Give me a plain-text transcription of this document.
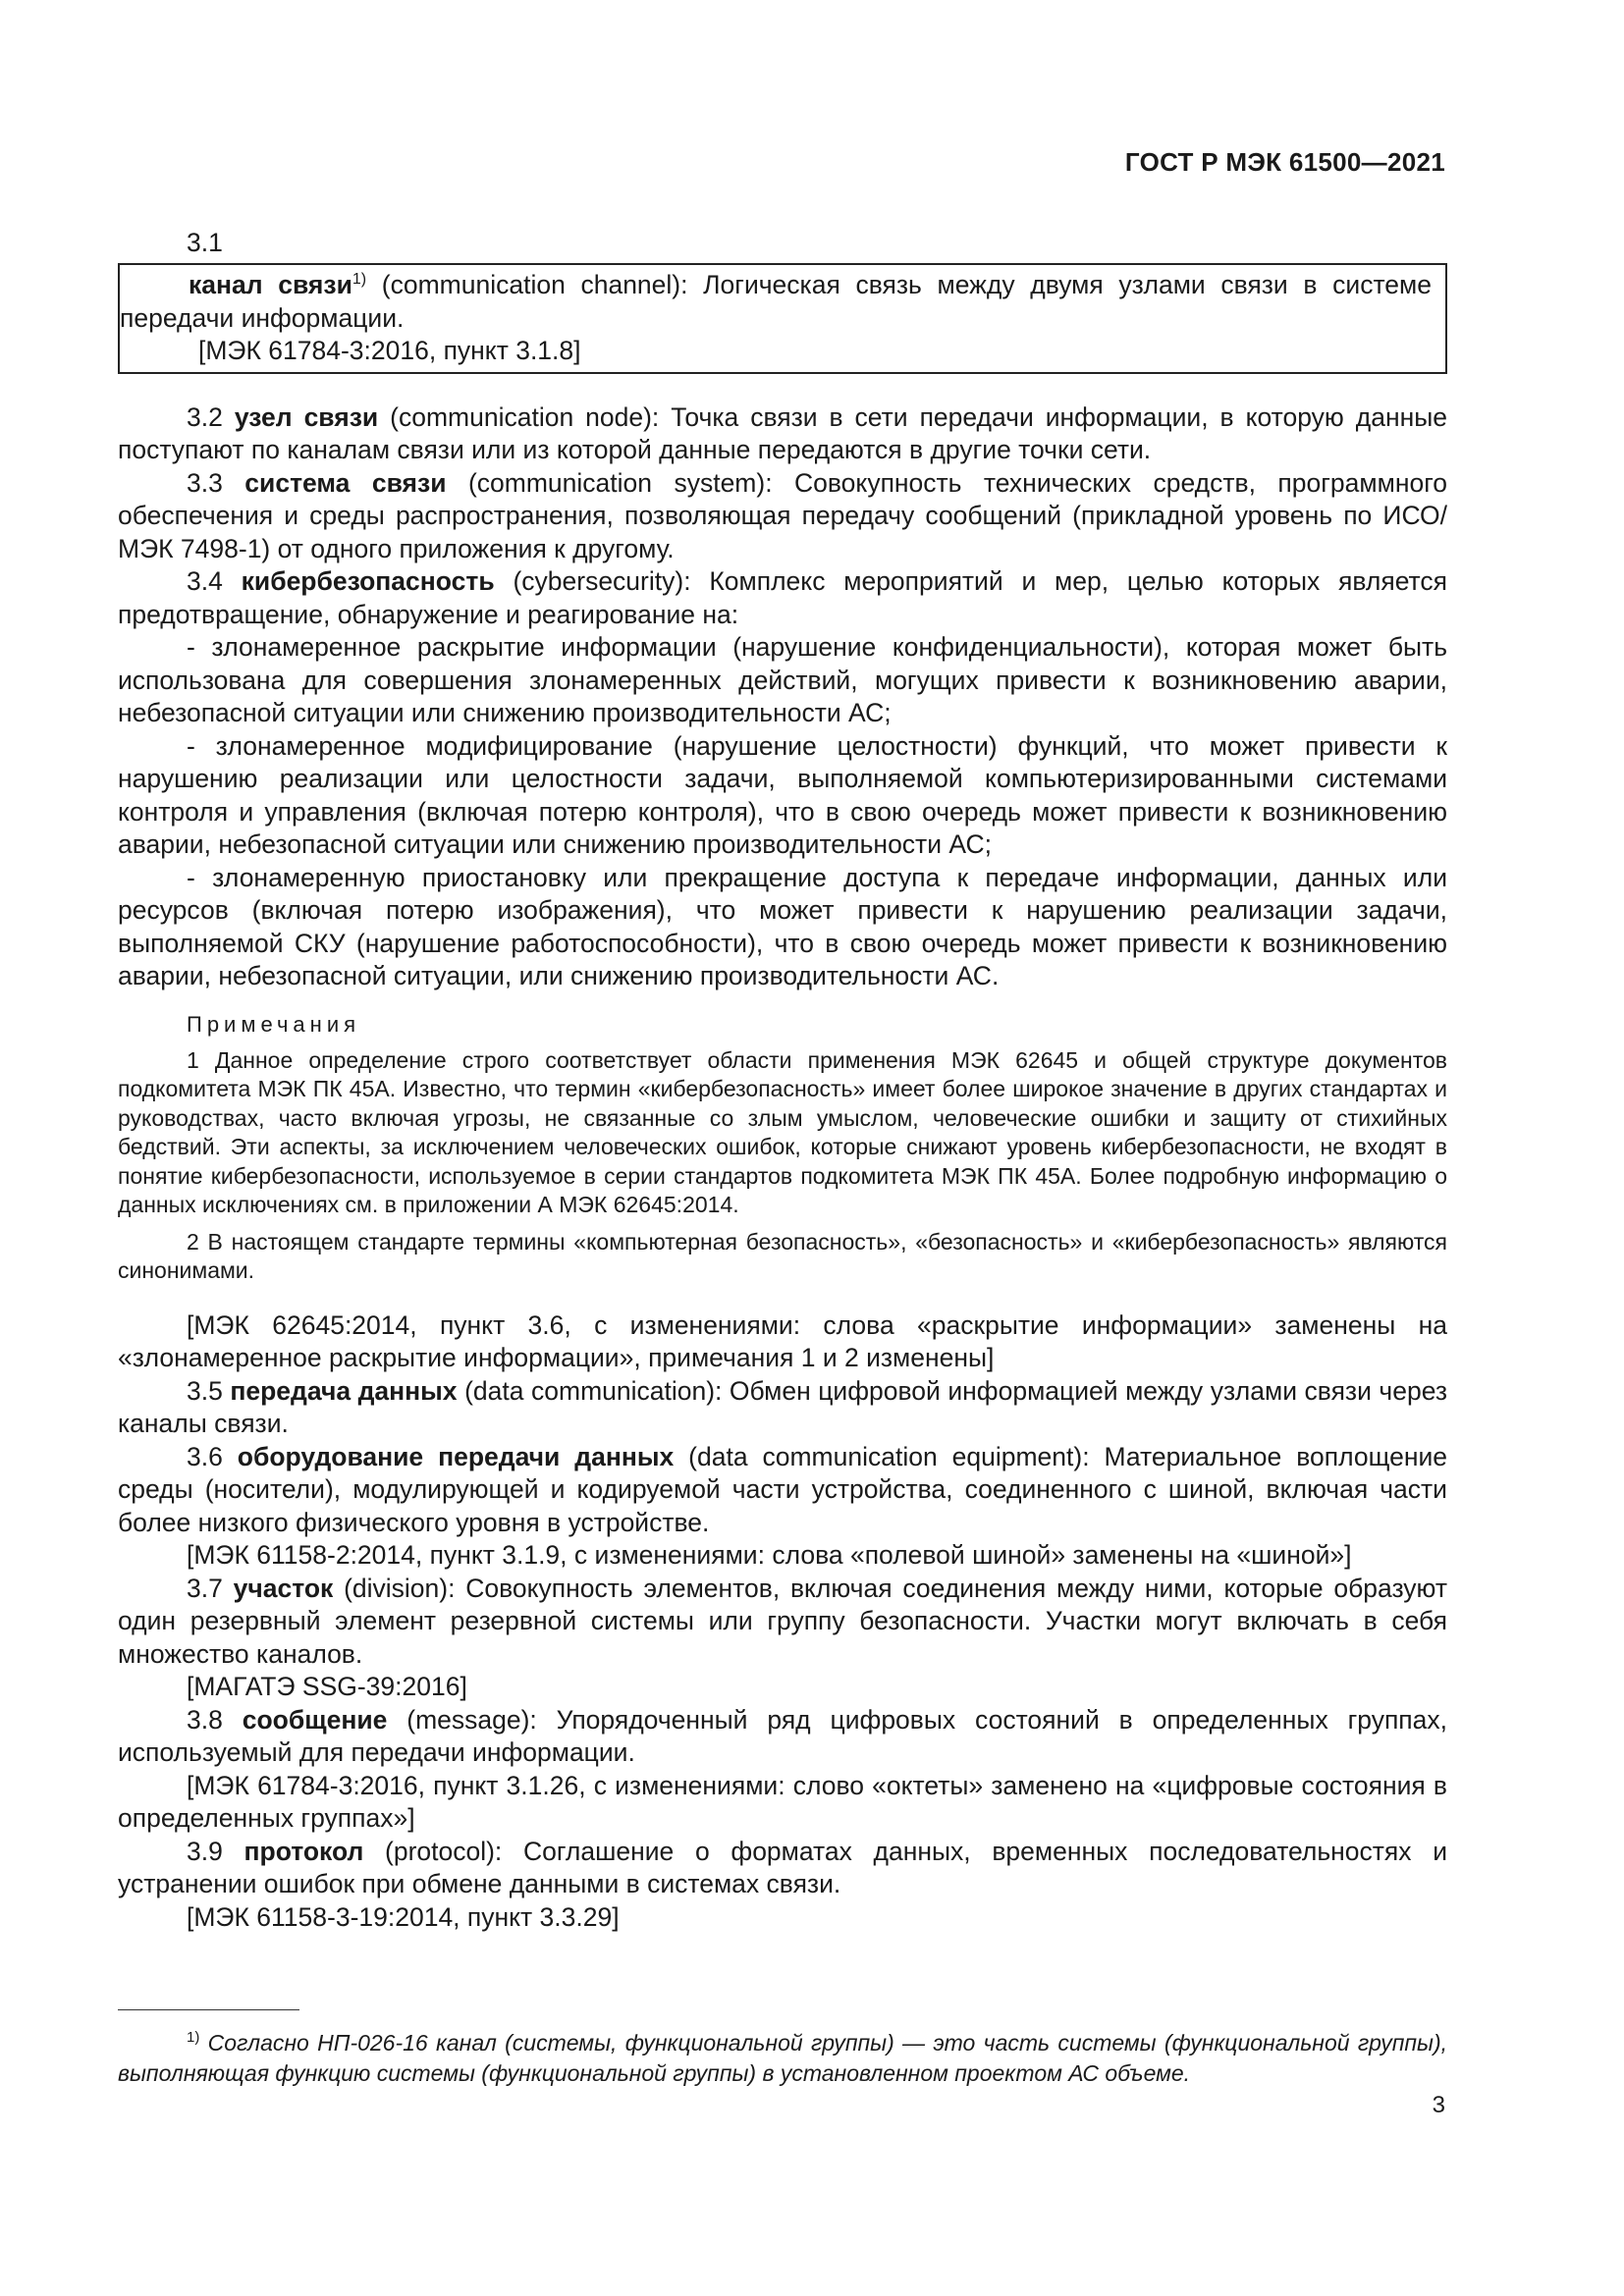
ГОСТ Р МЭК 61500—2021
3.1

канал связи$^{1)}$ (communication channel): Логическая связь между двумя узлами связи в системе передачи информации.

[МЭК 61784-3:2016, пункт 3.1.8]

3.2 узел связи (communication node): Точка связи в сети передачи информации, в которую данные поступают по каналам связи или из которой данные передаются в другие точки сети.

3.3 система связи (communication system): Совокупность технических средств, программного обеспечения и среды распространения, позволяющая передачу сообщений (прикладной уровень по ИСО/МЭК 7498-1) от одного приложения к другому.

3.4 кибербезопасность (cybersecurity): Комплекс мероприятий и мер, целью которых является предотвращение, обнаружение и реагирование на:

- злонамеренное раскрытие информации (нарушение конфиденциальности), которая может быть использована для совершения злонамеренных действий, могущих привести к возникновению аварии, небезопасной ситуации или снижению производительности АС;

- злонамеренное модифицирование (нарушение целостности) функций, что может привести к нарушению реализации или целостности задачи, выполняемой компьютеризированными системами контроля и управления (включая потерю контроля), что в свою очередь может привести к возникновению аварии, небезопасной ситуации или снижению производительности АС;

- злонамеренную приостановку или прекращение доступа к передаче информации, данных или ресурсов (включая потерю изображения), что может привести к нарушению реализации задачи, выполняемой СКУ (нарушение работоспособности), что в свою очередь может привести к возникновению аварии, небезопасной ситуации, или снижению производительности АС.

Примечания

1 Данное определение строго соответствует области применения МЭК 62645 и общей структуре документов подкомитета МЭК ПК 45А. Известно, что термин «кибербезопасность» имеет более широкое значение в других стандартах и руководствах, часто включая угрозы, не связанные со злым умыслом, человеческие ошибки и защиту от стихийных бедствий. Эти аспекты, за исключением человеческих ошибок, которые снижают уровень кибербезопасности, не входят в понятие кибербезопасности, используемое в серии стандартов подкомитета МЭК ПК 45А. Более подробную информацию о данных исключениях см. в приложении А МЭК 62645:2014.

2 В настоящем стандарте термины «компьютерная безопасность», «безопасность» и «кибербезопасность» являются синонимами.

[МЭК 62645:2014, пункт 3.6, с изменениями: слова «раскрытие информации» заменены на «злонамеренное раскрытие информации», примечания 1 и 2 изменены]

3.5 передача данных (data communication): Обмен цифровой информацией между узлами связи через каналы связи.

3.6 оборудование передачи данных (data communication equipment): Материальное воплощение среды (носители), модулирующей и кодируемой части устройства, соединенного с шиной, включая части более низкого физического уровня в устройстве.

[МЭК 61158-2:2014, пункт 3.1.9, с изменениями: слова «полевой шиной» заменены на «шиной»]

3.7 участок (division): Совокупность элементов, включая соединения между ними, которые образуют один резервный элемент резервной системы или группу безопасности. Участки могут включать в себя множество каналов.

[МАГАТЭ SSG-39:2016]

3.8 сообщение (message): Упорядоченный ряд цифровых состояний в определенных группах, используемый для передачи информации.

[МЭК 61784-3:2016, пункт 3.1.26, с изменениями: слово «октеты» заменено на «цифровые состояния в определенных группах»]

3.9 протокол (protocol): Соглашение о форматах данных, временных последовательностях и устранении ошибок при обмене данными в системах связи.

[МЭК 61158-3-19:2014, пункт 3.3.29]

$^{1)}$ Согласно НП-026-16 канал (системы, функциональной группы) — это часть системы (функциональной группы), выполняющая функцию системы (функциональной группы) в установленном проектом АС объеме.
3
